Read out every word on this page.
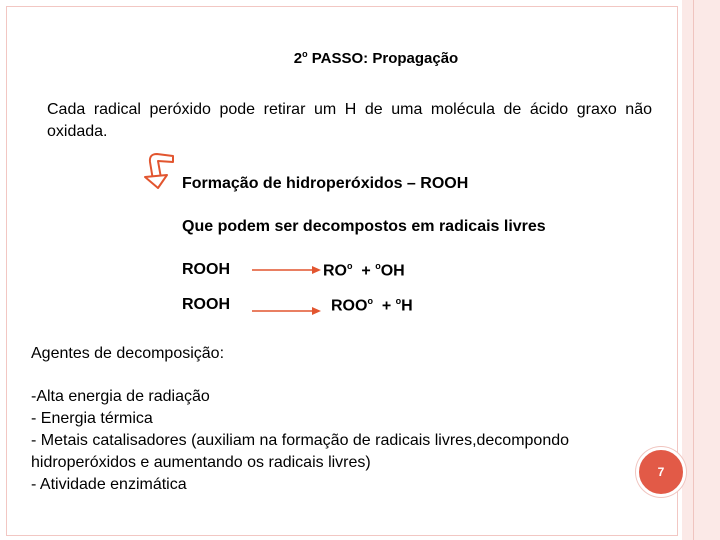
2$^o$ PASSO: Propagação
Cada radical peróxido pode retirar um H de uma molécula de ácido graxo não oxidada.
Formação de hidroperóxidos – ROOH
Que podem ser decompostos em radicais livres
ROOH	$RO^o + ^oOH$
ROOH	$ROO^o + ^oH$
Agentes de decomposição:
-Alta energia de radiação
- Energia térmica
- Metais catalisadores (auxiliam na formação de radicais livres,decompondo
hidroperóxidos e aumentando os radicais livres)
- Atividade enzimática
7
